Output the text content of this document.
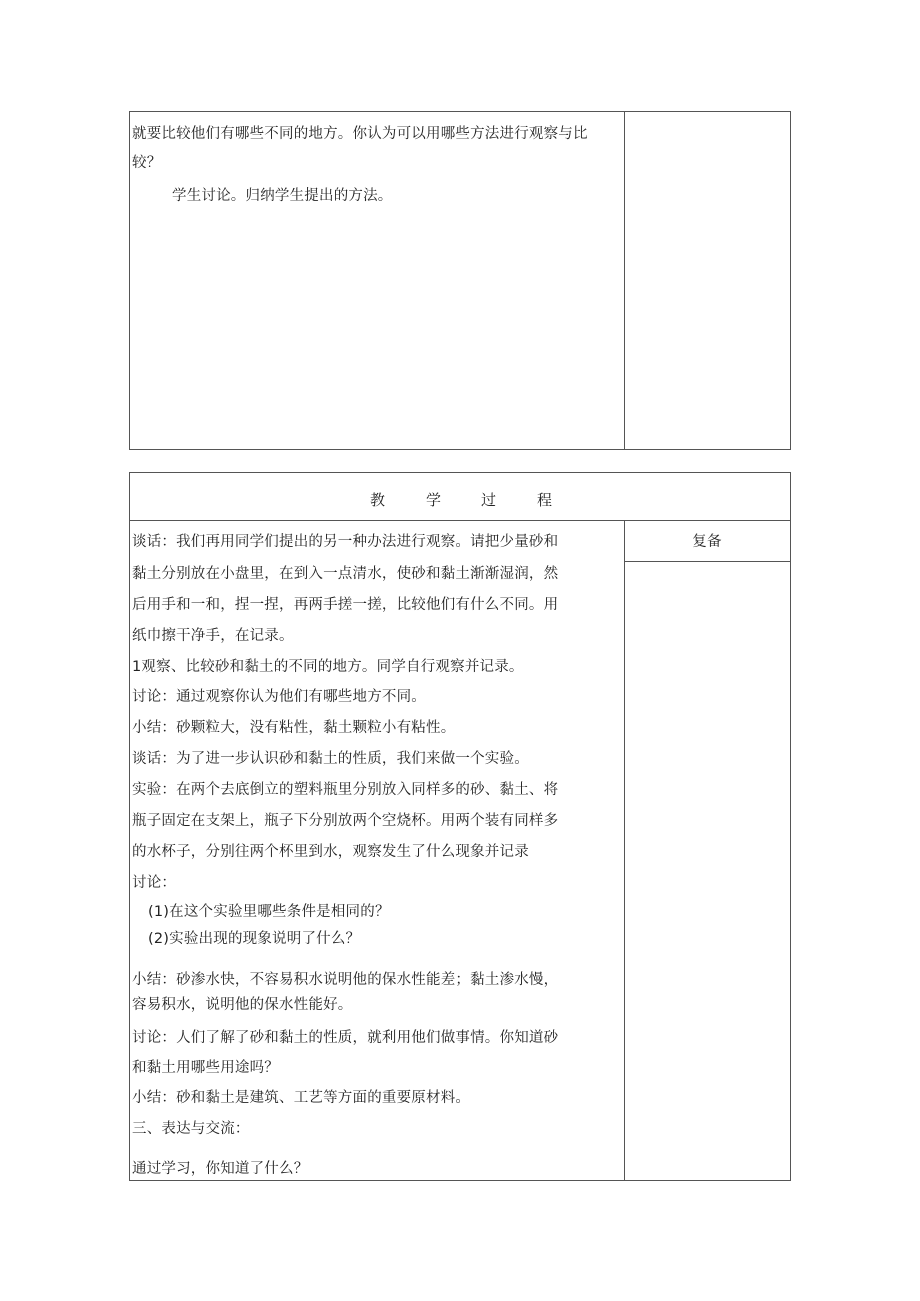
就要比较他们有哪些不同的地方。你认为可以用哪些方法进行观察与比
较？
学生讨论。归纳学生提出的方法。
教	学	过	程
复备
谈话：我们再用同学们提出的另一种办法进行观察。请把少量砂和
黏土分别放在小盘里，在到入一点清水，使砂和黏土渐渐湿润，然
后用手和一和，捏一捏，再两手搓一搓，比较他们有什么不同。用
纸巾擦干净手，在记录。
1观察、比较砂和黏土的不同的地方。同学自行观察并记录。
讨论：通过观察你认为他们有哪些地方不同。
小结：砂颗粒大，没有粘性，黏土颗粒小有粘性。
谈话：为了进一步认识砂和黏土的性质，我们来做一个实验。
实验：在两个去底倒立的塑料瓶里分别放入同样多的砂、黏土、将
瓶子固定在支架上，瓶子下分别放两个空烧杯。用两个装有同样多
的水杯子，分别往两个杯里到水，观察发生了什么现象并记录
讨论：
(1)在这个实验里哪些条件是相同的？
(2)实验出现的现象说明了什么？
小结：砂渗水快，不容易积水说明他的保水性能差；黏土渗水慢，
容易积水，说明他的保水性能好。
讨论：人们了解了砂和黏土的性质，就利用他们做事情。你知道砂
和黏土用哪些用途吗？
小结：砂和黏土是建筑、工艺等方面的重要原材料。
三、表达与交流：
通过学习，你知道了什么？
